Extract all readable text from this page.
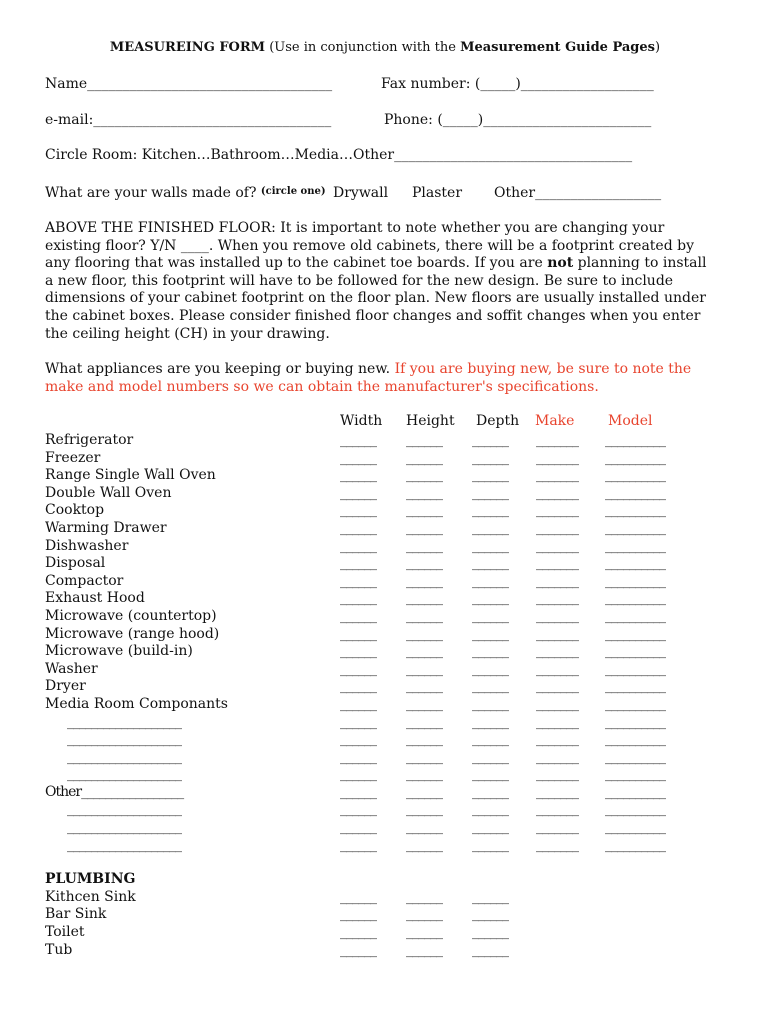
MEASUREING FORM (Use in conjunction with the Measurement Guide Pages)
Name___________________________________	Fax number: (_____)___________________
e-mail:__________________________________	Phone: (_____)________________________
Circle Room: Kitchen…Bathroom…Media…Other__________________________________
What are your walls made of? $^{(circle one)}$ Drywall Plaster Other__________________
ABOVE THE FINISHED FLOOR: It is important to note whether you are changing your existing floor? Y/N ____. When you remove old cabinets, there will be a footprint created by any flooring that was installed up to the cabinet toe boards. If you are not planning to install a new floor, this footprint will have to be followed for the new design. Be sure to include dimensions of your cabinet footprint on the floor plan. New floors are usually installed under the cabinet boxes. Please consider finished floor changes and soffit changes when you enter the ceiling height (CH) in your drawing.
What appliances are you keeping or buying new. If you are buying new, be sure to note the make and model numbers so we can obtain the manufacturer's specifications.
Width Height Depth Make Model
Refrigerator	______ ______ ______ _______ __________
Freezer	______ ______ ______ _______ __________
Range Single Wall Oven	______ ______ ______ _______ __________
Double Wall Oven	______ ______ ______ _______ __________
Cooktop	______ ______ ______ _______ __________
Warming Drawer	______ ______ ______ _______ __________
Dishwasher	______ ______ ______ _______ __________
Disposal	______ ______ ______ _______ __________
Compactor	______ ______ ______ _______ __________
Exhaust Hood	______ ______ ______ _______ __________
Microwave (countertop)	______ ______ ______ _______ __________
Microwave (range hood)	______ ______ ______ _______ __________
Microwave (build-in)	______ ______ ______ _______ __________
Washer	______ ______ ______ _______ __________
Dryer	______ ______ ______ _______ __________
Media Room Componants	______ ______ ______ _______ __________
___________________	______ ______ ______ _______ __________
___________________	______ ______ ______ _______ __________
___________________	______ ______ ______ _______ __________
___________________	______ ______ ______ _______ __________
Other_________________	______ ______ ______ _______ __________
___________________	______ ______ ______ _______ __________
___________________	______ ______ ______ _______ __________
___________________	______ ______ ______ _______ __________
PLUMBING
Kithcen Sink	______ ______ ______
Bar Sink	______ ______ ______
Toilet	______ ______ ______
Tub	______ ______ ______
